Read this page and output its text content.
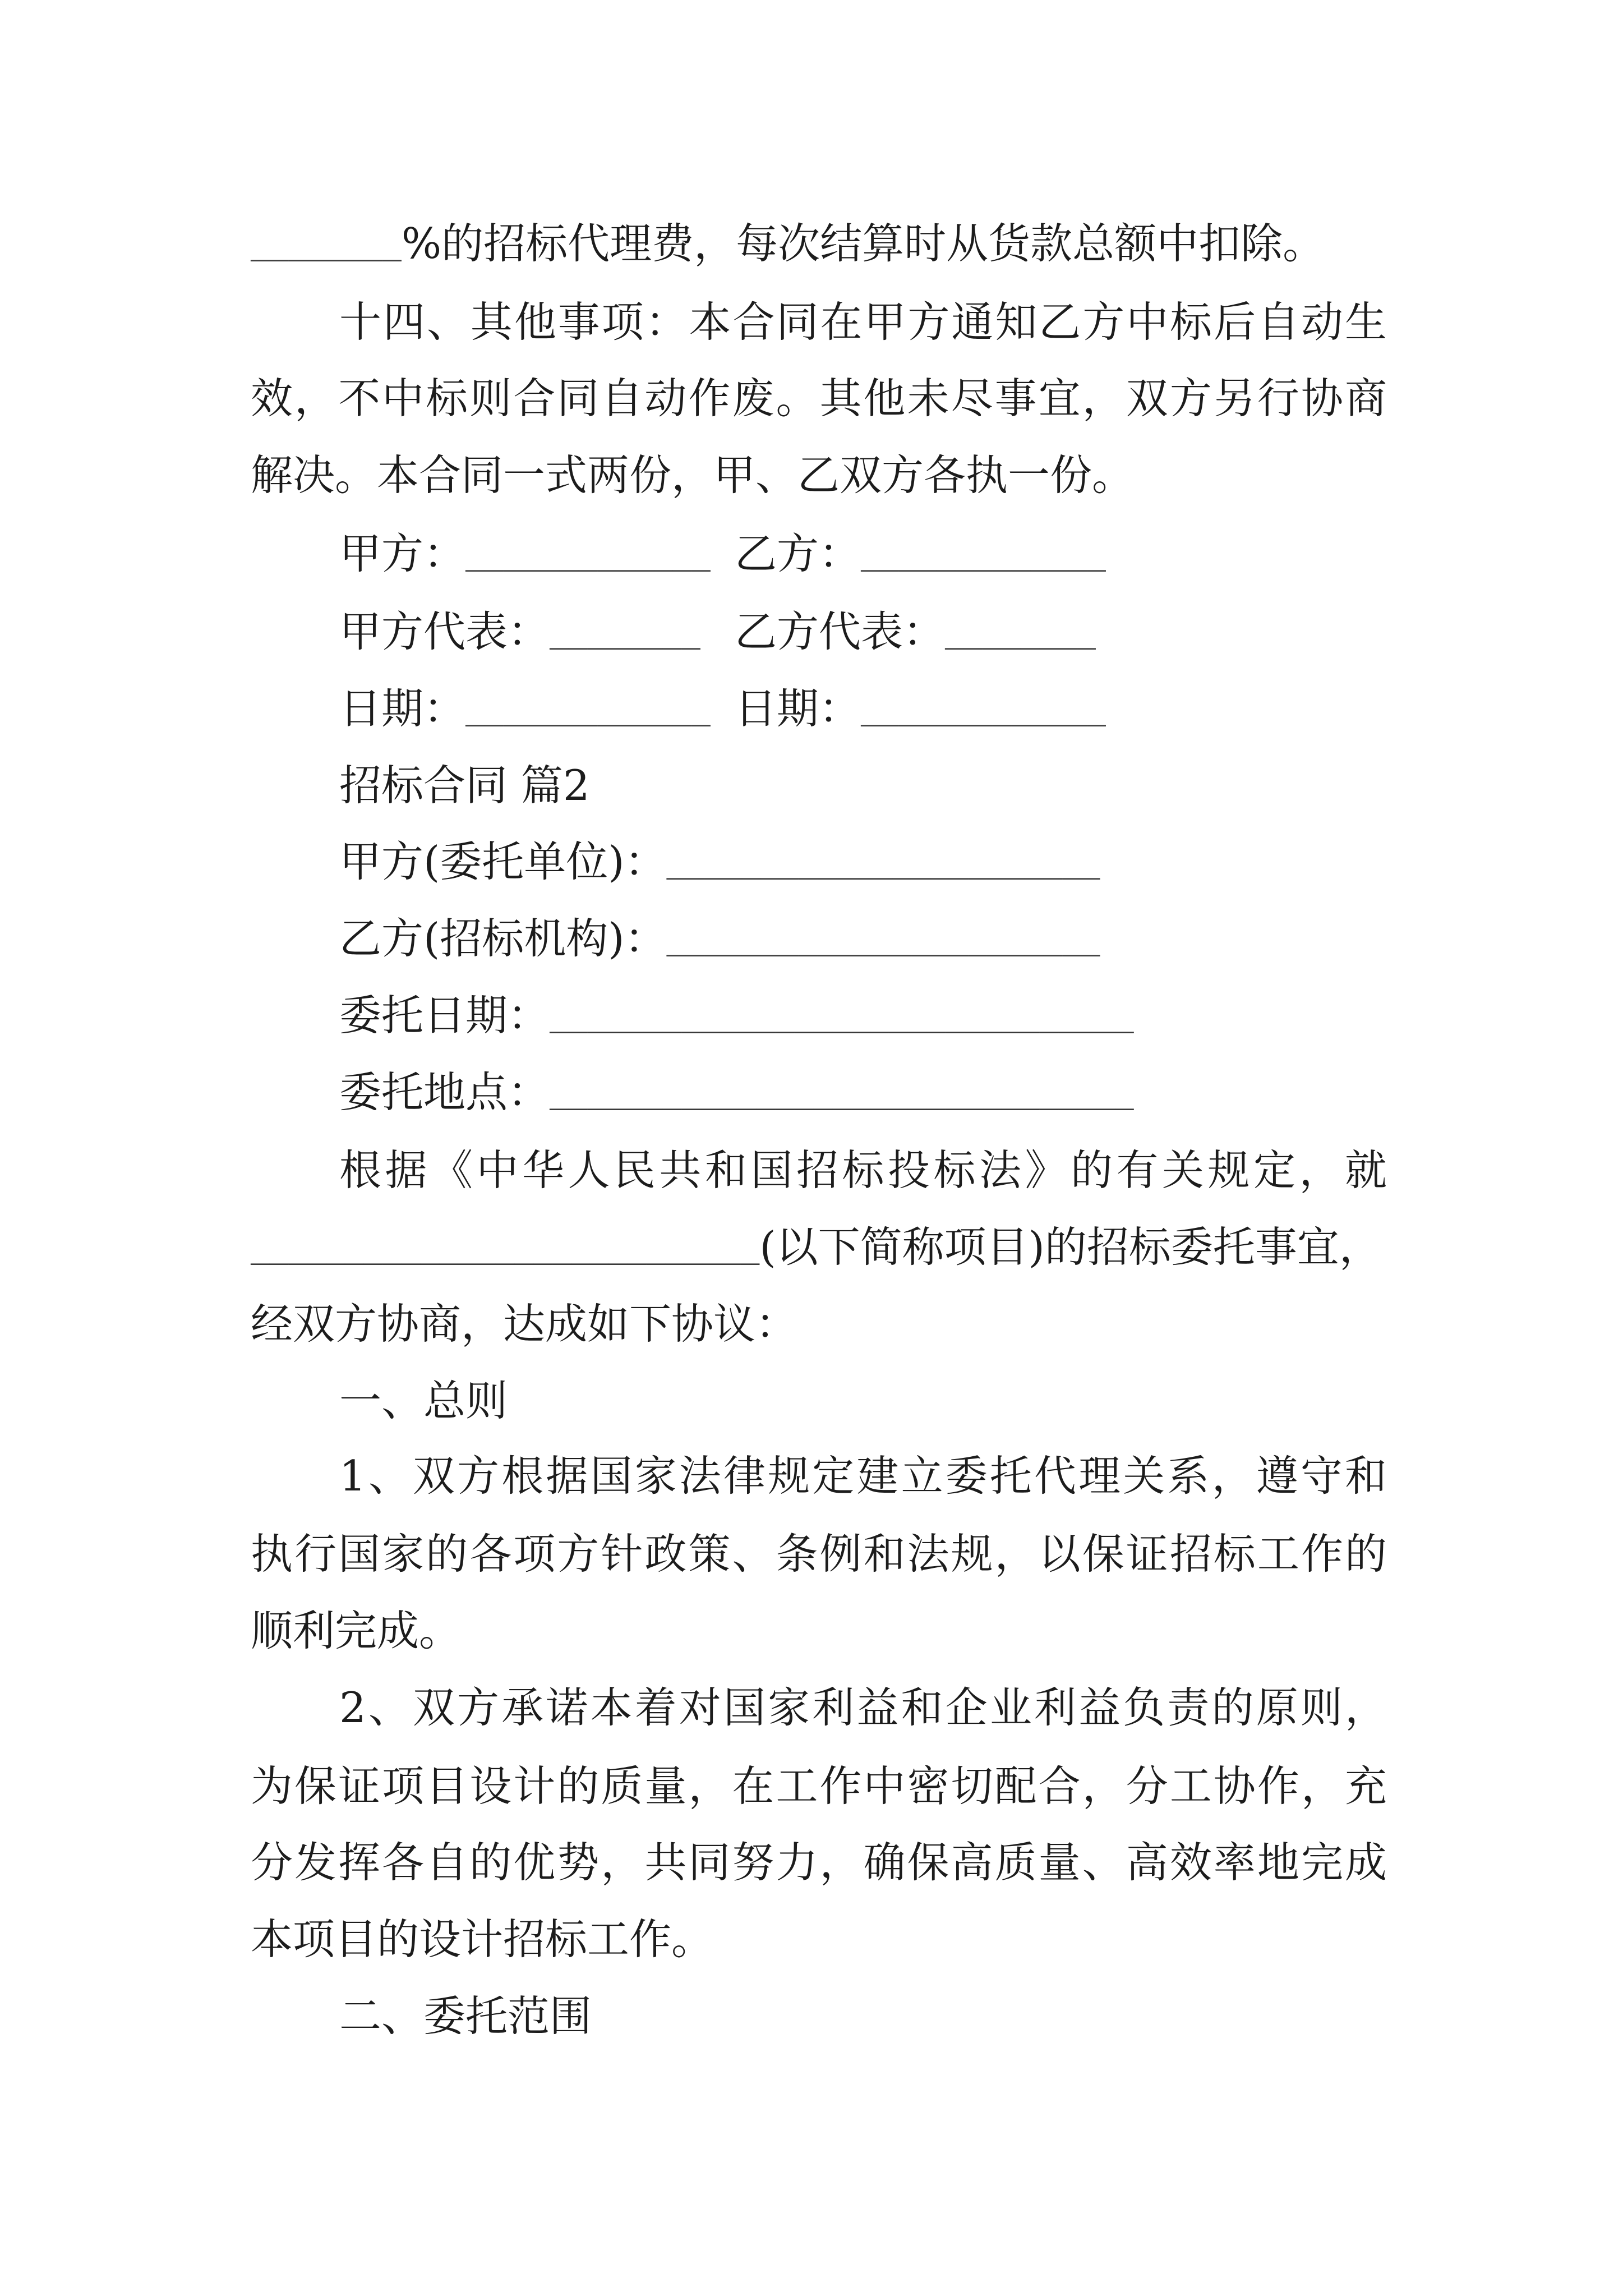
________%的招标代理费，每次结算时从货款总额中扣除。
十四、其他事项：本合同在甲方通知乙方中标后自动生
效，不中标则合同自动作废。其他未尽事宜，双方另行协商
解决。本合同一式两份，甲、乙双方各执一份。
甲方：_____________ 乙方：_____________
甲方代表：________ 乙方代表：________
日期：_____________ 日期：_____________
招标合同 篇2
甲方(委托单位)：_______________________
乙方(招标机构)：_______________________
委托日期：_______________________________
委托地点：_______________________________
根据《中华人民共和国招标投标法》的有关规定，就
___________________________(以下简称项目)的招标委托事宜，
经双方协商，达成如下协议：
一、总则
1、双方根据国家法律规定建立委托代理关系，遵守和
执行国家的各项方针政策、条例和法规，以保证招标工作的
顺利完成。
2、双方承诺本着对国家利益和企业利益负责的原则，
为保证项目设计的质量，在工作中密切配合，分工协作，充
分发挥各自的优势，共同努力，确保高质量、高效率地完成
本项目的设计招标工作。
二、委托范围
